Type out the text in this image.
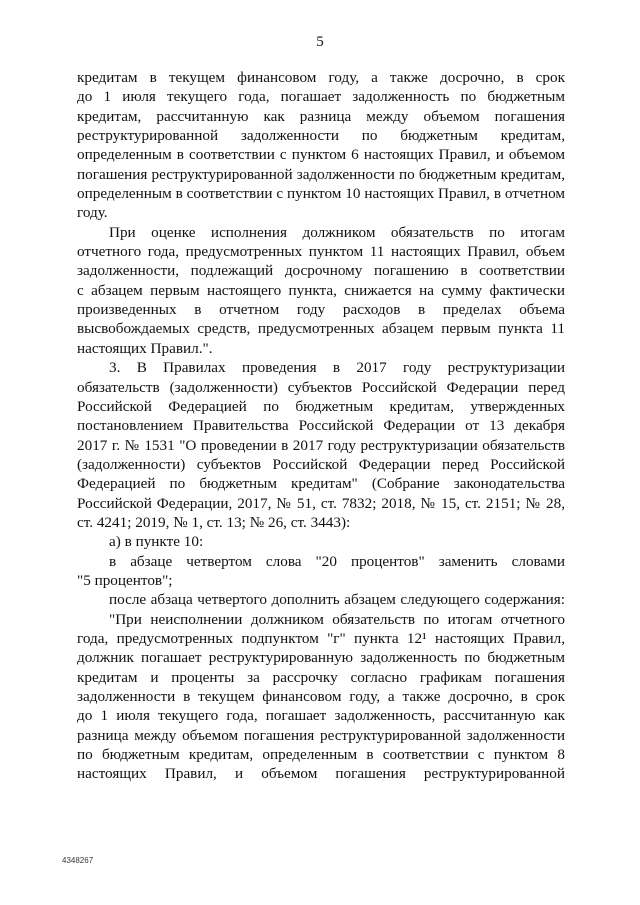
5

кредитам в текущем финансовом году, а также досрочно, в срок

до 1 июля текущего года, погашает задолженность по бюджетным

кредитам, рассчитанную как разница между объемом погашения

реструктурированной задолженности по бюджетным кредитам,

определенным в соответствии с пунктом 6 настоящих Правил, и объемом

погашения реструктурированной задолженности по бюджетным кредитам,

определенным в соответствии с пунктом 10 настоящих Правил, в отчетном

году.

При оценке исполнения должником обязательств по итогам

отчетного года, предусмотренных пунктом 11 настоящих Правил, объем

задолженности, подлежащий досрочному погашению в соответствии

с абзацем первым настоящего пункта, снижается на сумму фактически

произведенных в отчетном году расходов в пределах объема

высвобождаемых средств, предусмотренных абзацем первым пункта 11

настоящих Правил.".

3. В Правилах проведения в 2017 году реструктуризации

обязательств (задолженности) субъектов Российской Федерации перед

Российской Федерацией по бюджетным кредитам, утвержденных

постановлением Правительства Российской Федерации от 13 декабря

2017 г. № 1531 "О проведении в 2017 году реструктуризации обязательств

(задолженности) субъектов Российской Федерации перед Российской

Федерацией по бюджетным кредитам" (Собрание законодательства

Российской Федерации, 2017, № 51, ст. 7832; 2018, № 15, ст. 2151; № 28,

ст. 4241; 2019, № 1, ст. 13; № 26, ст. 3443):

а) в пункте 10:

в абзаце четвертом слова "20 процентов" заменить словами

"5 процентов";

после абзаца четвертого дополнить абзацем следующего содержания:

"При неисполнении должником обязательств по итогам отчетного

года, предусмотренных подпунктом "г" пункта 12¹ настоящих Правил,

должник погашает реструктурированную задолженность по бюджетным

кредитам и проценты за рассрочку согласно графикам погашения

задолженности в текущем финансовом году, а также досрочно, в срок

до 1 июля текущего года, погашает задолженность, рассчитанную как

разница между объемом погашения реструктурированной задолженности

по бюджетным кредитам, определенным в соответствии с пунктом 8

настоящих Правил, и объемом погашения реструктурированной

4348267
